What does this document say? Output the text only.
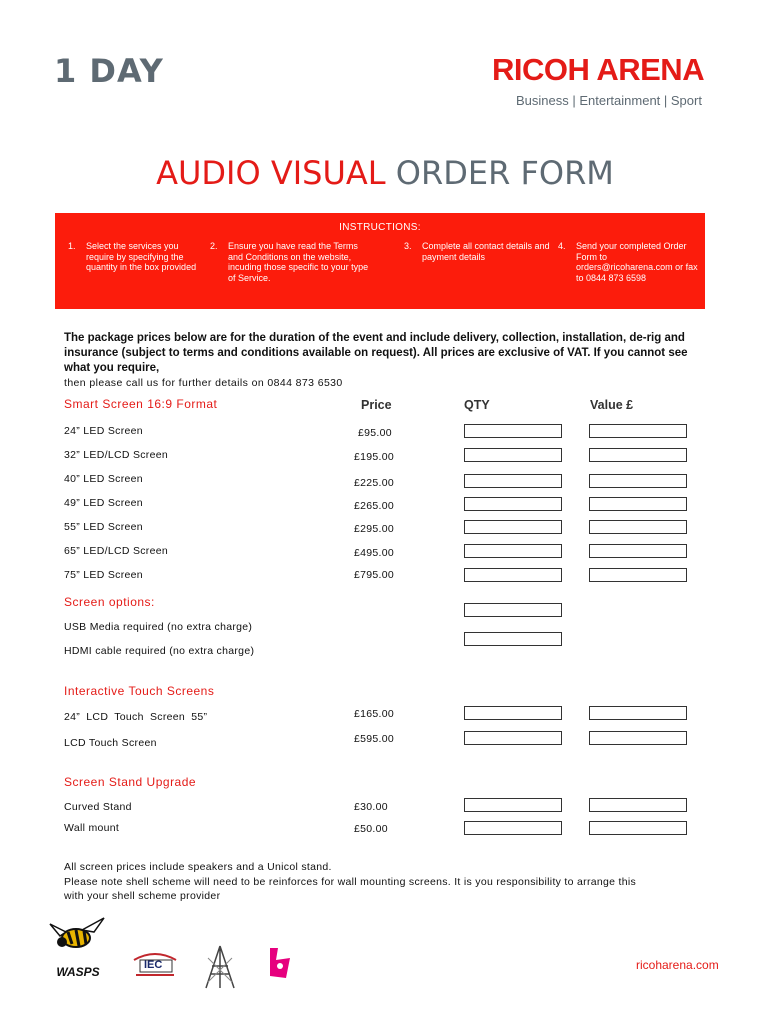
1 DAY	RICOH ARENA
Business | Entertainment | Sport
AUDIO VISUAL ORDER FORM
INSTRUCTIONS:
1.	Select the services you require by specifying the quantity in the box provided
2.	Ensure you have read the Terms and Conditions on the website, incuding those specific to your type of Service.
3.	Complete all contact details and payment details
4.	Send your completed Order Form to orders@ricoharena.com or fax to 0844 873 6598
The package prices below are for the duration of the event and include delivery, collection, installation, de-rig and insurance (subject to terms and conditions available on request). All prices are exclusive of VAT. If you cannot see what you require,
then please call us for further details on 0844 873 6530
Smart Screen 16:9 Format	Price	QTY	Value £
24” LED Screen	£95.00
32” LED/LCD Screen	£195.00
40” LED Screen	£225.00
49” LED Screen	£265.00
55” LED Screen	£295.00
65” LED/LCD Screen	£495.00
75” LED Screen	£795.00
Screen options:
USB Media required (no extra charge)
HDMI cable required (no extra charge)
Interactive Touch Screens
24” LCD Touch Screen 55”	£165.00
LCD Touch Screen	£595.00
Screen Stand Upgrade
Curved Stand	£30.00
Wall mount	£50.00
All screen prices include speakers and a Unicol stand.
Please note shell scheme will need to be reinforces for wall mounting screens. It is you responsibility to arrange this
with your shell scheme provider
WASPS	IEC	ricoharena.com
